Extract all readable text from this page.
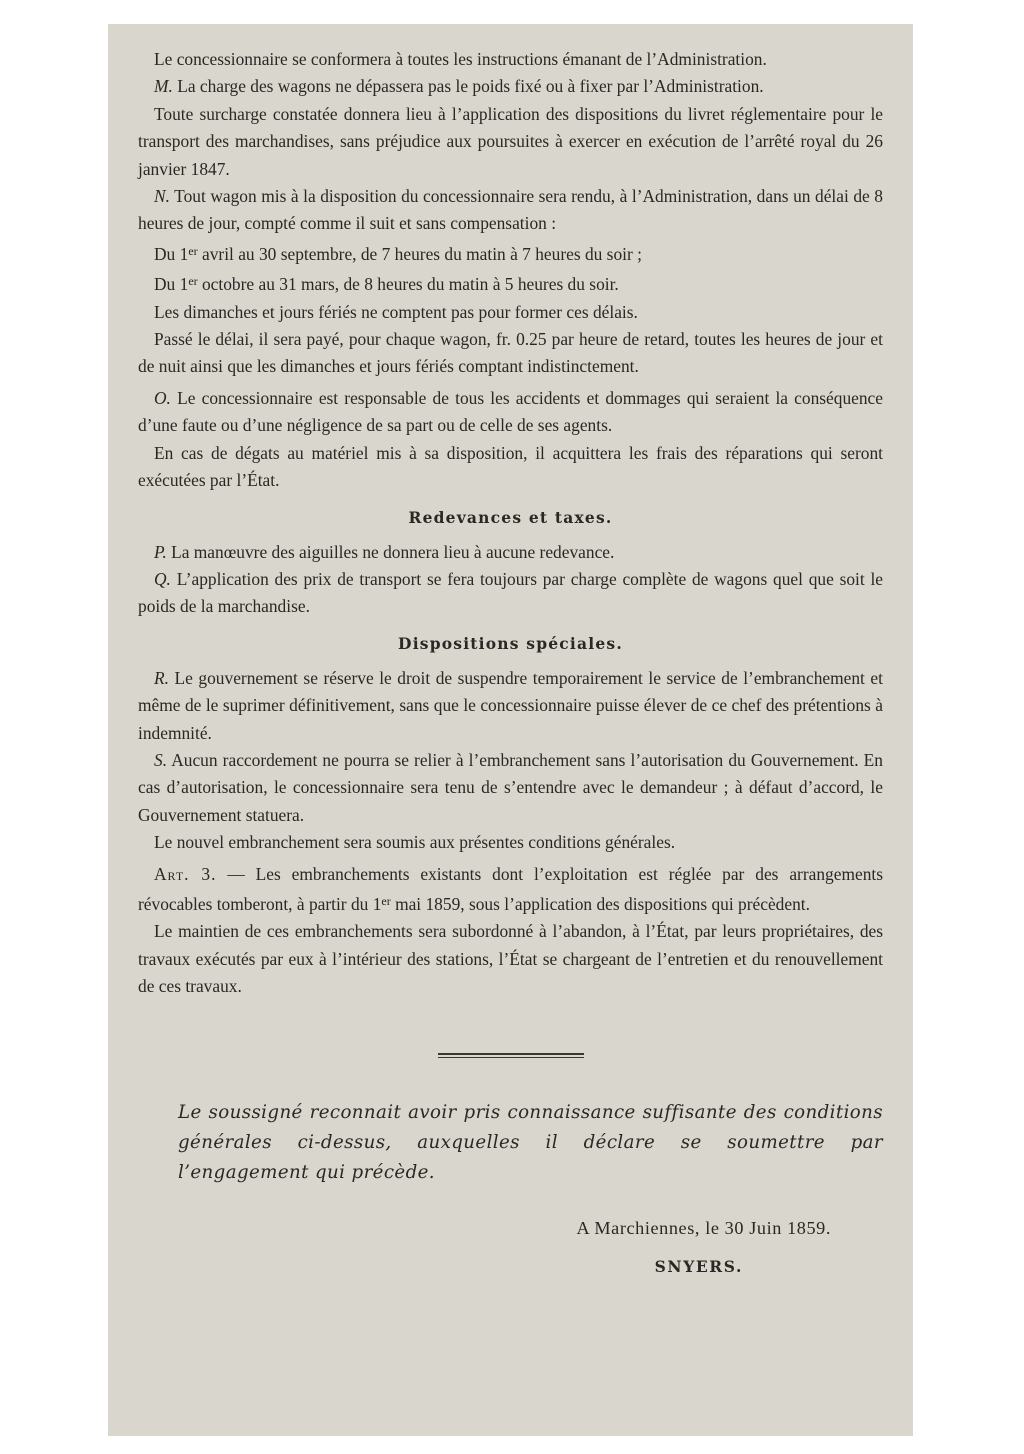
Le concessionnaire se conformera à toutes les instructions émanant de l’Administration.

M. La charge des wagons ne dépassera pas le poids fixé ou à fixer par l’Administration.

Toute surcharge constatée donnera lieu à l’application des dispositions du livret réglementaire pour le transport des marchandises, sans préjudice aux poursuites à exercer en exécution de l’arrêté royal du 26 janvier 1847.

N. Tout wagon mis à la disposition du concessionnaire sera rendu, à l’Administration, dans un délai de 8 heures de jour, compté comme il suit et sans compensation :

Du 1er avril au 30 septembre, de 7 heures du matin à 7 heures du soir ;

Du 1er octobre au 31 mars, de 8 heures du matin à 5 heures du soir.

Les dimanches et jours fériés ne comptent pas pour former ces délais.

Passé le délai, il sera payé, pour chaque wagon, fr. 0.25 par heure de retard, toutes les heures de jour et de nuit ainsi que les dimanches et jours fériés comptant indistinctement.

O. Le concessionnaire est responsable de tous les accidents et dommages qui seraient la conséquence d’une faute ou d’une négligence de sa part ou de celle de ses agents.

En cas de dégats au matériel mis à sa disposition, il acquittera les frais des réparations qui seront exécutées par l’État.

Redevances et taxes.

P. La manœuvre des aiguilles ne donnera lieu à aucune redevance.

Q. L’application des prix de transport se fera toujours par charge complète de wagons quel que soit le poids de la marchandise.

Dispositions spéciales.

R. Le gouvernement se réserve le droit de suspendre temporairement le service de l’embranchement et même de le suprimer définitivement, sans que le concessionnaire puisse élever de ce chef des prétentions à indemnité.

S. Aucun raccordement ne pourra se relier à l’embranchement sans l’autorisation du Gouvernement. En cas d’autorisation, le concessionnaire sera tenu de s’entendre avec le demandeur ; à défaut d’accord, le Gouvernement statuera.

Le nouvel embranchement sera soumis aux présentes conditions générales.

Art. 3. — Les embranchements existants dont l’exploitation est réglée par des arrangements révocables tomberont, à partir du 1er mai 1859, sous l’application des dispositions qui précèdent.

Le maintien de ces embranchements sera subordonné à l’abandon, à l’État, par leurs propriétaires, des travaux exécutés par eux à l’intérieur des stations, l’État se chargeant de l’entretien et du renouvellement de ces travaux.

Le soussigné reconnait avoir pris connaissance suffisante des conditions générales ci-dessus, auxquelles il déclare se soumettre par l’engagement qui précède.

A Marchiennes, le 30 Juin 1859.

SNYERS.
